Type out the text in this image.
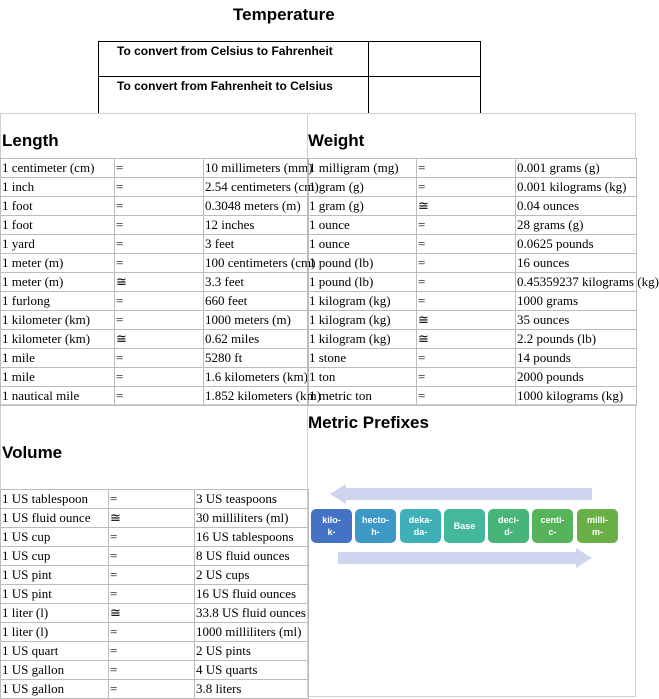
Temperature
To convert from Celsius to Fahrenheit
To convert from Fahrenheit to Celsius
Length	Weight
Volume
Metric Prefixes
1 centimeter (cm)	=	10 millimeters (mm)
1 inch	=	2.54 centimeters (cm)
1 foot	=	0.3048 meters (m)
1 foot	=	12 inches
1 yard	=	3 feet
1 meter (m)	=	100 centimeters (cm)
1 meter (m)	≅	3.3 feet
1 furlong	=	660 feet
1 kilometer (km)	=	1000 meters (m)
1 kilometer (km)	≅	0.62 miles
1 mile	=	5280 ft
1 mile	=	1.6 kilometers (km)
1 nautical mile	=	1.852 kilometers (km)
1 milligram (mg)	=	0.001 grams (g)
1 gram (g)	=	0.001 kilograms (kg)
1 gram (g)	≅	0.04 ounces
1 ounce	=	28 grams (g)
1 ounce	=	0.0625 pounds
1 pound (lb)	=	16 ounces
1 pound (lb)	=	0.45359237 kilograms (kg)
1 kilogram (kg)	=	1000 grams
1 kilogram (kg)	≅	35 ounces
1 kilogram (kg)	≅	2.2 pounds (lb)
1 stone	=	14 pounds
1 ton	=	2000 pounds
1 metric ton	=	1000 kilograms (kg)
1 US tablespoon	=	3 US teaspoons
1 US fluid ounce	≅	30 milliliters (ml)
1 US cup	=	16 US tablespoons
1 US cup	=	8 US fluid ounces
1 US pint	=	2 US cups
1 US pint	=	16 US fluid ounces
1 liter (l)	≅	33.8 US fluid ounces
1 liter (l)	=	1000 milliliters (ml)
1 US quart	=	2 US pints
1 US gallon	=	4 US quarts
1 US gallon	=	3.8 liters
kilo-
k-
hecto-
h-
deka-
da-
Base
deci-
d-
centi-
c-
milli-
m-
